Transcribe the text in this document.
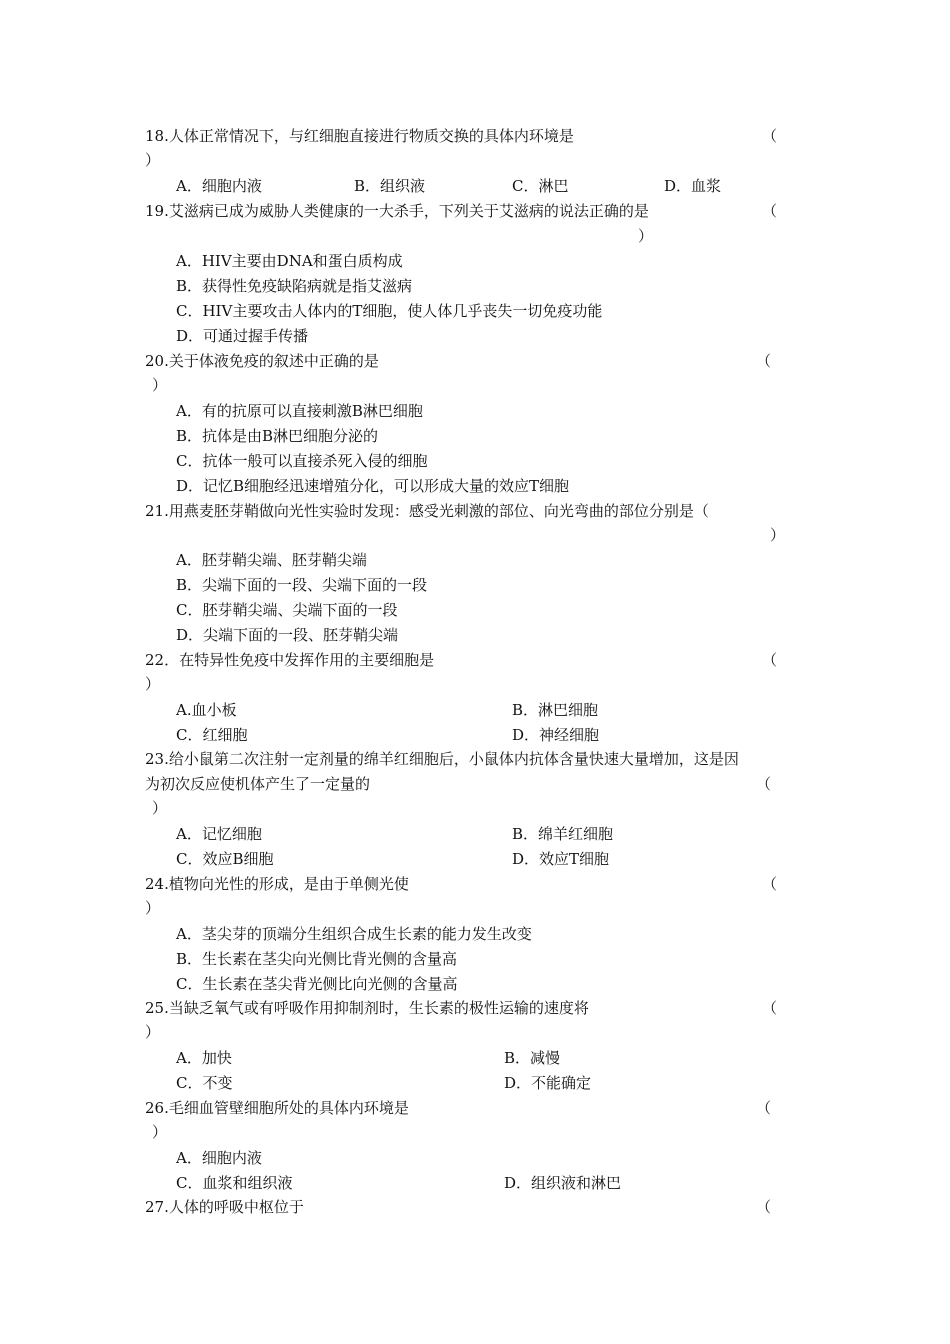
18.人体正常情况下，与红细胞直接进行物质交换的具体内环境是	（
）
A．细胞内液	B．组织液	C．淋巴	D．血浆
19.艾滋病已成为威胁人类健康的一大杀手，下列关于艾滋病的说法正确的是	（
）
A．HIV主要由DNA和蛋白质构成
B．获得性免疫缺陷病就是指艾滋病
C．HIV主要攻击人体内的T细胞，使人体几乎丧失一切免疫功能
D．可通过握手传播
20.关于体液免疫的叙述中正确的是	（
）
A．有的抗原可以直接刺激B淋巴细胞
B．抗体是由B淋巴细胞分泌的
C．抗体一般可以直接杀死入侵的细胞
D．记忆B细胞经迅速增殖分化，可以形成大量的效应T细胞
21.用燕麦胚芽鞘做向光性实验时发现：感受光刺激的部位、向光弯曲的部位分别是（
）
A．胚芽鞘尖端、胚芽鞘尖端
B．尖端下面的一段、尖端下面的一段
C．胚芽鞘尖端、尖端下面的一段
D．尖端下面的一段、胚芽鞘尖端
22．在特异性免疫中发挥作用的主要细胞是	（
）
A.血小板	B．淋巴细胞
C．红细胞	D．神经细胞
23.给小鼠第二次注射一定剂量的绵羊红细胞后，小鼠体内抗体含量快速大量增加，这是因
为初次反应使机体产生了一定量的	（
）
A．记忆细胞	B．绵羊红细胞
C．效应B细胞	D．效应T细胞
24.植物向光性的形成，是由于单侧光使	（
）
A．茎尖芽的顶端分生组织合成生长素的能力发生改变
B．生长素在茎尖向光侧比背光侧的含量高
C．生长素在茎尖背光侧比向光侧的含量高
25.当缺乏氧气或有呼吸作用抑制剂时，生长素的极性运输的速度将	（
）
A．加快	B．减慢
C．不变	D．不能确定
26.毛细血管壁细胞所处的具体内环境是	（
）
A．细胞内液
C．血浆和组织液	D．组织液和淋巴
27.人体的呼吸中枢位于	（
